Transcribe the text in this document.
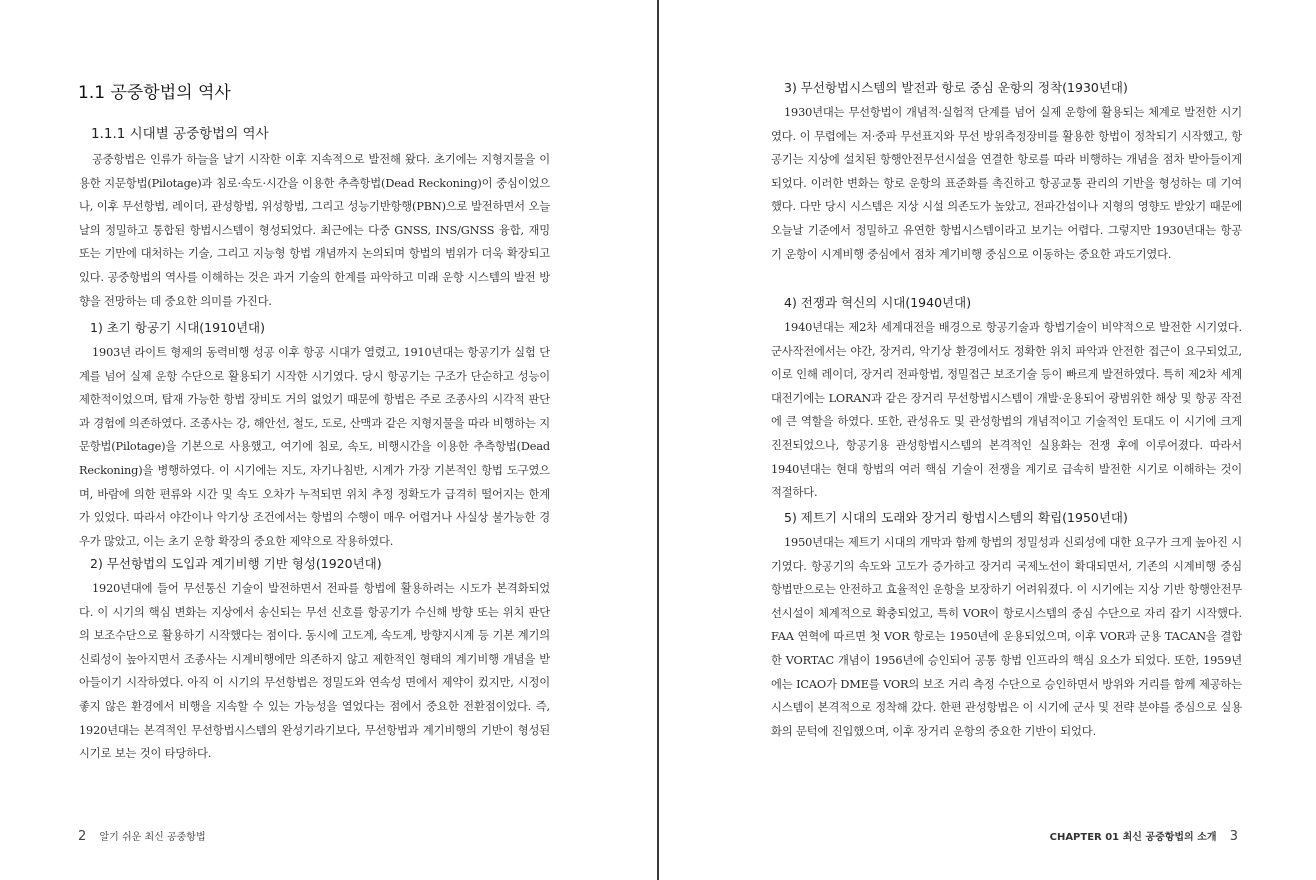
1.1 공중항법의 역사
1.1.1 시대별 공중항법의 역사

공중항법은 인류가 하늘을 날기 시작한 이후 지속적으로 발전해 왔다. 초기에는 지형지물을 이용한 지문항법(Pilotage)과 침로·속도·시간을 이용한 추측항법(Dead Reckoning)이 중심이었으나, 이후 무선항법, 레이더, 관성항법, 위성항법, 그리고 성능기반항행(PBN)으로 발전하면서 오늘날의 정밀하고 통합된 항법시스템이 형성되었다. 최근에는 다중 GNSS, INS/GNSS 융합, 재밍 또는 기만에 대처하는 기술, 그리고 지능형 항법 개념까지 논의되며 항법의 범위가 더욱 확장되고 있다. 공중항법의 역사를 이해하는 것은 과거 기술의 한계를 파악하고 미래 운항 시스템의 발전 방향을 전망하는 데 중요한 의미를 가진다.

1) 초기 항공기 시대(1910년대)

1903년 라이트 형제의 동력비행 성공 이후 항공 시대가 열렸고, 1910년대는 항공기가 실험 단계를 넘어 실제 운항 수단으로 활용되기 시작한 시기였다. 당시 항공기는 구조가 단순하고 성능이 제한적이었으며, 탑재 가능한 항법 장비도 거의 없었기 때문에 항법은 주로 조종사의 시각적 판단과 경험에 의존하였다. 조종사는 강, 해안선, 철도, 도로, 산맥과 같은 지형지물을 따라 비행하는 지문항법(Pilotage)을 기본으로 사용했고, 여기에 침로, 속도, 비행시간을 이용한 추측항법(Dead Reckoning)을 병행하였다. 이 시기에는 지도, 자기나침반, 시계가 가장 기본적인 항법 도구였으며, 바람에 의한 편류와 시간 및 속도 오차가 누적되면 위치 추정 정확도가 급격히 떨어지는 한계가 있었다. 따라서 야간이나 악기상 조건에서는 항법의 수행이 매우 어렵거나 사실상 불가능한 경우가 많았고, 이는 초기 운항 확장의 중요한 제약으로 작용하였다.

2) 무선항법의 도입과 계기비행 기반 형성(1920년대)

1920년대에 들어 무선통신 기술이 발전하면서 전파를 항법에 활용하려는 시도가 본격화되었다. 이 시기의 핵심 변화는 지상에서 송신되는 무선 신호를 항공기가 수신해 방향 또는 위치 판단의 보조수단으로 활용하기 시작했다는 점이다. 동시에 고도계, 속도계, 방향지시계 등 기본 계기의 신뢰성이 높아지면서 조종사는 시계비행에만 의존하지 않고 제한적인 형태의 계기비행 개념을 받아들이기 시작하였다. 아직 이 시기의 무선항법은 정밀도와 연속성 면에서 제약이 컸지만, 시정이 좋지 않은 환경에서 비행을 지속할 수 있는 가능성을 열었다는 점에서 중요한 전환점이었다. 즉, 1920년대는 본격적인 무선항법시스템의 완성기라기보다, 무선항법과 계기비행의 기반이 형성된 시기로 보는 것이 타당하다.

2 알기 쉬운 최신 공중항법
3) 무선항법시스템의 발전과 항로 중심 운항의 정착(1930년대)

1930년대는 무선항법이 개념적·실험적 단계를 넘어 실제 운항에 활용되는 체계로 발전한 시기였다. 이 무렵에는 저·중파 무선표지와 무선 방위측정장비를 활용한 항법이 정착되기 시작했고, 항공기는 지상에 설치된 항행안전무선시설을 연결한 항로를 따라 비행하는 개념을 점차 받아들이게 되었다. 이러한 변화는 항로 운항의 표준화를 촉진하고 항공교통 관리의 기반을 형성하는 데 기여했다. 다만 당시 시스템은 지상 시설 의존도가 높았고, 전파간섭이나 지형의 영향도 받았기 때문에 오늘날 기준에서 정밀하고 유연한 항법시스템이라고 보기는 어렵다. 그렇지만 1930년대는 항공기 운항이 시계비행 중심에서 점차 계기비행 중심으로 이동하는 중요한 과도기였다.

4) 전쟁과 혁신의 시대(1940년대)

1940년대는 제2차 세계대전을 배경으로 항공기술과 항법기술이 비약적으로 발전한 시기였다. 군사작전에서는 야간, 장거리, 악기상 환경에서도 정확한 위치 파악과 안전한 접근이 요구되었고, 이로 인해 레이더, 장거리 전파항법, 정밀접근 보조기술 등이 빠르게 발전하였다. 특히 제2차 세계대전기에는 LORAN과 같은 장거리 무선항법시스템이 개발·운용되어 광범위한 해상 및 항공 작전에 큰 역할을 하였다. 또한, 관성유도 및 관성항법의 개념적이고 기술적인 토대도 이 시기에 크게 진전되었으나, 항공기용 관성항법시스템의 본격적인 실용화는 전쟁 후에 이루어졌다. 따라서 1940년대는 현대 항법의 여러 핵심 기술이 전쟁을 계기로 급속히 발전한 시기로 이해하는 것이 적절하다.

5) 제트기 시대의 도래와 장거리 항법시스템의 확립(1950년대)

1950년대는 제트기 시대의 개막과 함께 항법의 정밀성과 신뢰성에 대한 요구가 크게 높아진 시기였다. 항공기의 속도와 고도가 증가하고 장거리 국제노선이 확대되면서, 기존의 시계비행 중심 항법만으로는 안전하고 효율적인 운항을 보장하기 어려워졌다. 이 시기에는 지상 기반 항행안전무선시설이 체계적으로 확충되었고, 특히 VOR이 항로시스템의 중심 수단으로 자리 잡기 시작했다. FAA 연혁에 따르면 첫 VOR 항로는 1950년에 운용되었으며, 이후 VOR과 군용 TACAN을 결합한 VORTAC 개념이 1956년에 승인되어 공통 항법 인프라의 핵심 요소가 되었다. 또한, 1959년에는 ICAO가 DME를 VOR의 보조 거리 측정 수단으로 승인하면서 방위와 거리를 함께 제공하는 시스템이 본격적으로 정착해 갔다. 한편 관성항법은 이 시기에 군사 및 전략 분야를 중심으로 실용화의 문턱에 진입했으며, 이후 장거리 운항의 중요한 기반이 되었다.

CHAPTER 01 최신 공중항법의 소개 3
